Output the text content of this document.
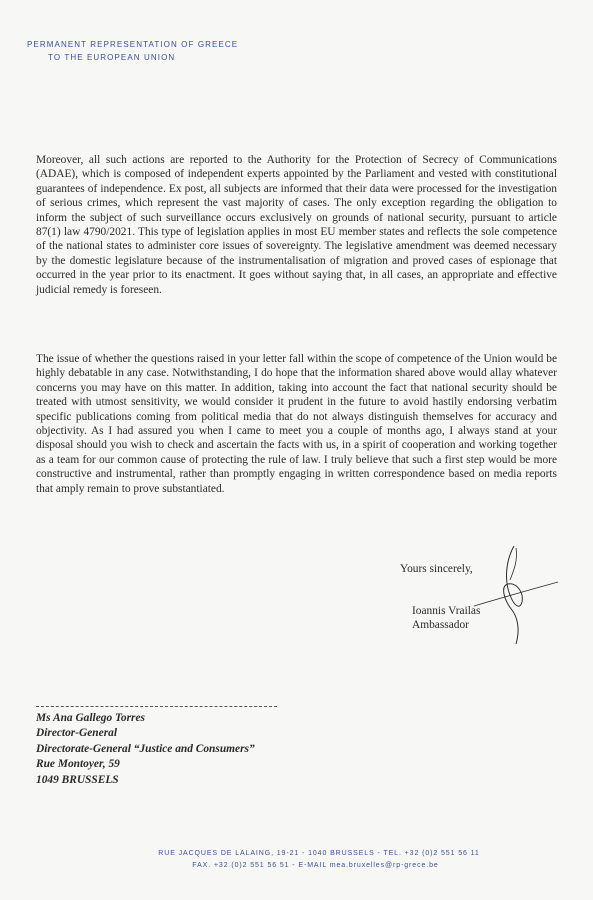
PERMANENT REPRESENTATION OF GREECE
TO THE EUROPEAN UNION
Moreover, all such actions are reported to the Authority for the Protection of Secrecy of Communications (ADAE), which is composed of independent experts appointed by the Parliament and vested with constitutional guarantees of independence. Ex post, all subjects are informed that their data were processed for the investigation of serious crimes, which represent the vast majority of cases. The only exception regarding the obligation to inform the subject of such surveillance occurs exclusively on grounds of national security, pursuant to article 87(1) law 4790/2021. This type of legislation applies in most EU member states and reflects the sole competence of the national states to administer core issues of sovereignty. The legislative amendment was deemed necessary by the domestic legislature because of the instrumentalisation of migration and proved cases of espionage that occurred in the year prior to its enactment. It goes without saying that, in all cases, an appropriate and effective judicial remedy is foreseen.
The issue of whether the questions raised in your letter fall within the scope of competence of the Union would be highly debatable in any case. Notwithstanding, I do hope that the information shared above would allay whatever concerns you may have on this matter. In addition, taking into account the fact that national security should be treated with utmost sensitivity, we would consider it prudent in the future to avoid hastily endorsing verbatim specific publications coming from political media that do not always distinguish themselves for accuracy and objectivity. As I had assured you when I came to meet you a couple of months ago, I always stand at your disposal should you wish to check and ascertain the facts with us, in a spirit of cooperation and working together as a team for our common cause of protecting the rule of law. I truly believe that such a first step would be more constructive and instrumental, rather than promptly engaging in written correspondence based on media reports that amply remain to prove substantiated.
Yours sincerely,
Ioannis Vrailas
Ambassador
Ms Ana Gallego Torres
Director-General
Directorate-General “Justice and Consumers”
Rue Montoyer, 59
1049 BRUSSELS
RUE JACQUES DE LALAING, 19-21 - 1040 BRUSSELS - TEL. +32 (0)2 551 56 11
FAX. +32 (0)2 551 56 51 - E-MAIL mea.bruxelles@rp-grece.be
